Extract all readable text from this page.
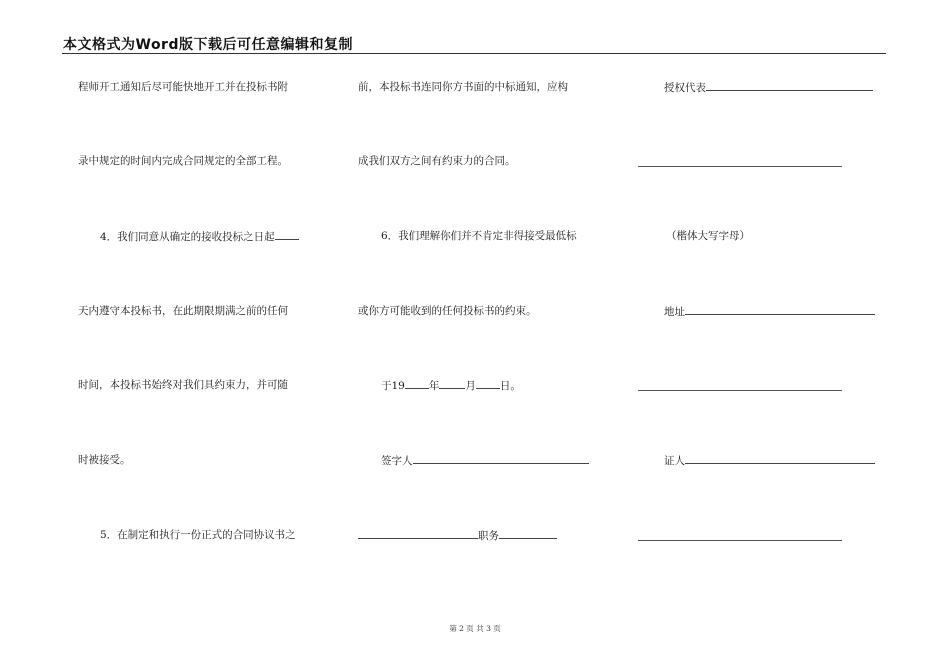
本文格式为Word版下载后可任意编辑和复制
程师开工通知后尽可能快地开工并在投标书附
录中规定的时间内完成合同规定的全部工程。
4．我们同意从确定的接收投标之日起
天内遵守本投标书，在此期限期满之前的任何
时间，本投标书始终对我们具约束力，并可随
时被接受。
5．在制定和执行一份正式的合同协议书之
前，本投标书连同你方书面的中标通知，应构
成我们双方之间有约束力的合同。
6．我们理解你们并不肯定非得接受最低标
或你方可能收到的任何投标书的约束。
于19 年 月 日。
签字人
职务
授权代表
（楷体大写字母）
地址
证人
第 2 页 共 3 页
